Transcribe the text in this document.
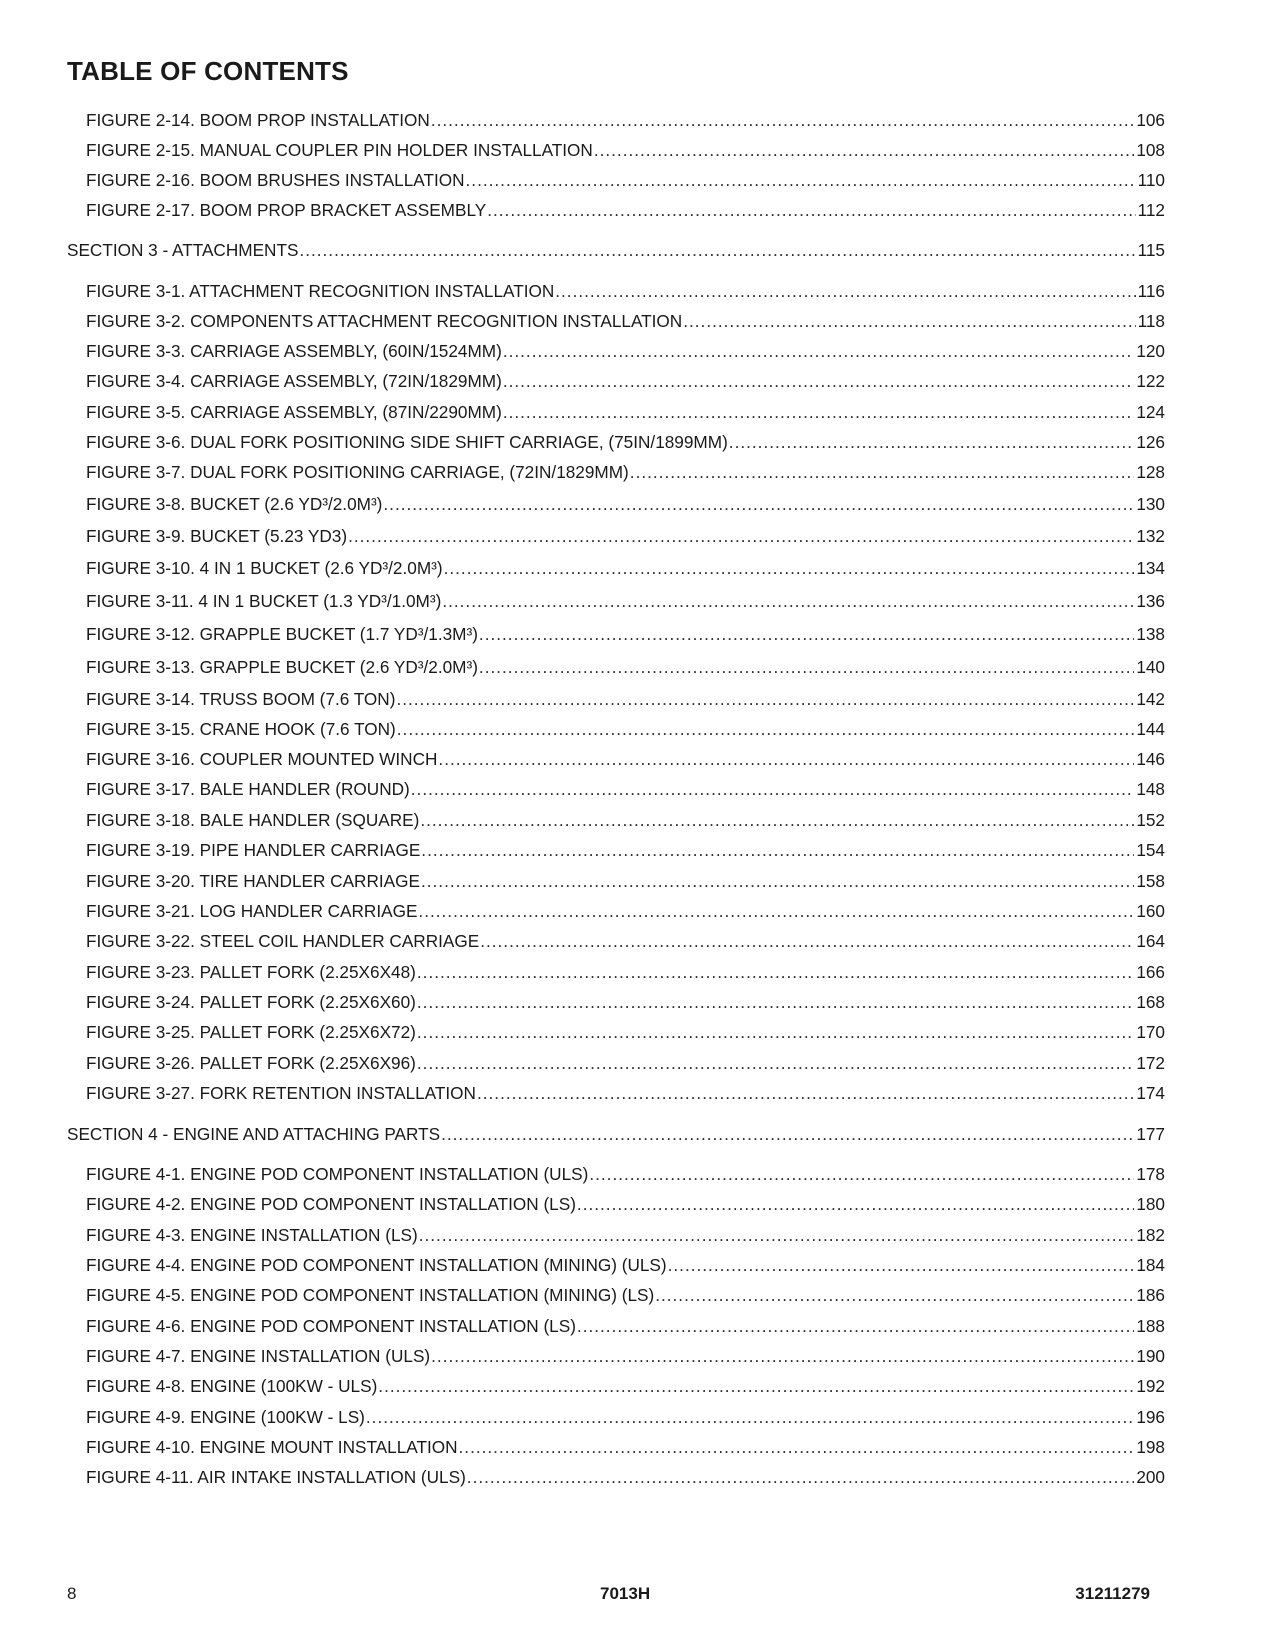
TABLE OF CONTENTS
FIGURE 2-14. BOOM PROP INSTALLATION .....	106
FIGURE 2-15. MANUAL COUPLER PIN HOLDER INSTALLATION .....	108
FIGURE 2-16. BOOM BRUSHES INSTALLATION .....	110
FIGURE 2-17. BOOM PROP BRACKET ASSEMBLY .....	112
SECTION 3 - ATTACHMENTS .....	115
FIGURE 3-1. ATTACHMENT RECOGNITION INSTALLATION .....	116
FIGURE 3-2. COMPONENTS ATTACHMENT RECOGNITION INSTALLATION .....	118
FIGURE 3-3. CARRIAGE ASSEMBLY, (60IN/1524MM) .....	120
FIGURE 3-4. CARRIAGE ASSEMBLY, (72IN/1829MM) .....	122
FIGURE 3-5. CARRIAGE ASSEMBLY, (87IN/2290MM) .....	124
FIGURE 3-6. DUAL FORK POSITIONING SIDE SHIFT CARRIAGE, (75IN/1899MM) .....	126
FIGURE 3-7. DUAL FORK POSITIONING CARRIAGE, (72IN/1829MM) .....	128
FIGURE 3-8. BUCKET (2.6 YD³/2.0M³) .....	130
FIGURE 3-9. BUCKET (5.23 YD3) .....	132
FIGURE 3-10. 4 IN 1 BUCKET (2.6 YD³/2.0M³) .....	134
FIGURE 3-11. 4 IN 1 BUCKET (1.3 YD³/1.0M³) .....	136
FIGURE 3-12. GRAPPLE BUCKET (1.7 YD³/1.3M³) .....	138
FIGURE 3-13. GRAPPLE BUCKET (2.6 YD³/2.0M³) .....	140
FIGURE 3-14. TRUSS BOOM (7.6 TON) .....	142
FIGURE 3-15. CRANE HOOK (7.6 TON) .....	144
FIGURE 3-16. COUPLER MOUNTED WINCH .....	146
FIGURE 3-17. BALE HANDLER (ROUND) .....	148
FIGURE 3-18. BALE HANDLER (SQUARE) .....	152
FIGURE 3-19. PIPE HANDLER CARRIAGE .....	154
FIGURE 3-20. TIRE HANDLER CARRIAGE .....	158
FIGURE 3-21. LOG HANDLER CARRIAGE .....	160
FIGURE 3-22. STEEL COIL HANDLER CARRIAGE .....	164
FIGURE 3-23. PALLET FORK (2.25X6X48) .....	166
FIGURE 3-24. PALLET FORK (2.25X6X60) .....	168
FIGURE 3-25. PALLET FORK (2.25X6X72) .....	170
FIGURE 3-26. PALLET FORK (2.25X6X96) .....	172
FIGURE 3-27. FORK RETENTION INSTALLATION .....	174
SECTION 4 - ENGINE AND ATTACHING PARTS .....	177
FIGURE 4-1. ENGINE POD COMPONENT INSTALLATION (ULS) .....	178
FIGURE 4-2. ENGINE POD COMPONENT INSTALLATION (LS) .....	180
FIGURE 4-3. ENGINE INSTALLATION (LS) .....	182
FIGURE 4-4. ENGINE POD COMPONENT INSTALLATION (MINING) (ULS) .....	184
FIGURE 4-5. ENGINE POD COMPONENT INSTALLATION (MINING) (LS) .....	186
FIGURE 4-6. ENGINE POD COMPONENT INSTALLATION (LS) .....	188
FIGURE 4-7. ENGINE INSTALLATION (ULS) .....	190
FIGURE 4-8. ENGINE (100KW - ULS) .....	192
FIGURE 4-9. ENGINE (100KW - LS) .....	196
FIGURE 4-10. ENGINE MOUNT INSTALLATION .....	198
FIGURE 4-11. AIR INTAKE INSTALLATION (ULS) .....	200
8	7013H	31211279
